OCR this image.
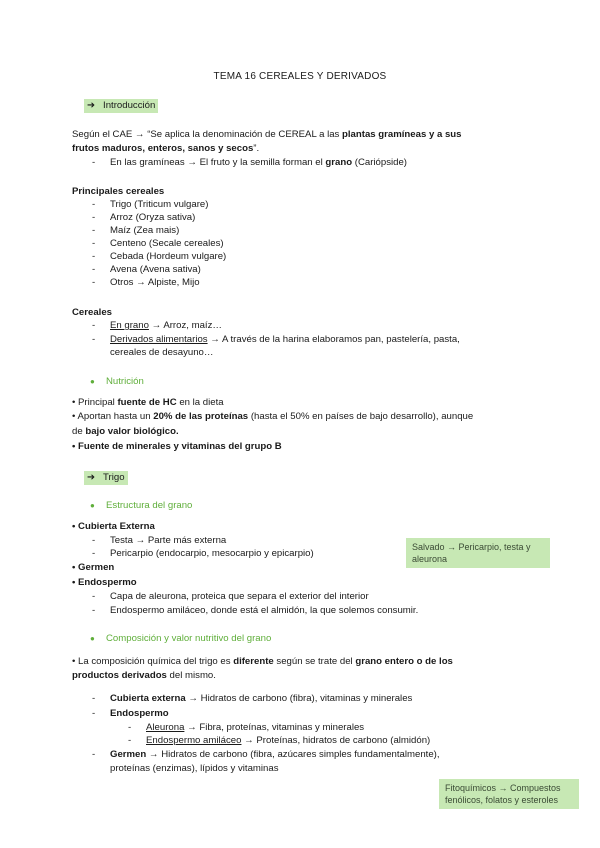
TEMA 16 CEREALES Y DERIVADOS
➔ Introducción
Según el CAE → “Se aplica la denominación de CEREAL a las plantas gramíneas y a sus
frutos maduros, enteros, sanos y secos”.
- En las gramíneas → El fruto y la semilla forman el grano (Cariópside)
Principales cereales
- Trigo (Triticum vulgare)
- Arroz (Oryza sativa)
- Maíz (Zea mais)
- Centeno (Secale cereales)
- Cebada (Hordeum vulgare)
- Avena (Avena sativa)
- Otros → Alpiste, Mijo
Cereales
- En grano → Arroz, maíz…
- Derivados alimentarios → A través de la harina elaboramos pan, pastelería, pasta,
cereales de desayuno…
● Nutrición
• Principal fuente de HC en la dieta
• Aportan hasta un 20% de las proteínas (hasta el 50% en países de bajo desarrollo), aunque
de bajo valor biológico.
• Fuente de minerales y vitaminas del grupo B
➔ Trigo
● Estructura del grano
• Cubierta Externa
- Testa → Parte más externa
- Pericarpio (endocarpio, mesocarpio y epicarpio)
• Germen
• Endospermo
- Capa de aleurona, proteica que separa el exterior del interior
- Endospermo amiláceo, donde está el almidón, la que solemos consumir.
Salvado → Pericarpio, testa y aleurona
● Composición y valor nutritivo del grano
• La composición química del trigo es diferente según se trate del grano entero o de los
productos derivados del mismo.
- Cubierta externa → Hidratos de carbono (fibra), vitaminas y minerales
- Endospermo
- Aleurona → Fibra, proteínas, vitaminas y minerales
- Endospermo amiláceo → Proteínas, hidratos de carbono (almidón)
- Germen → Hidratos de carbono (fibra, azúcares simples fundamentalmente),
proteínas (enzimas), lípidos y vitaminas
Fitoquímicos → Compuestos fenólicos, folatos y esteroles
